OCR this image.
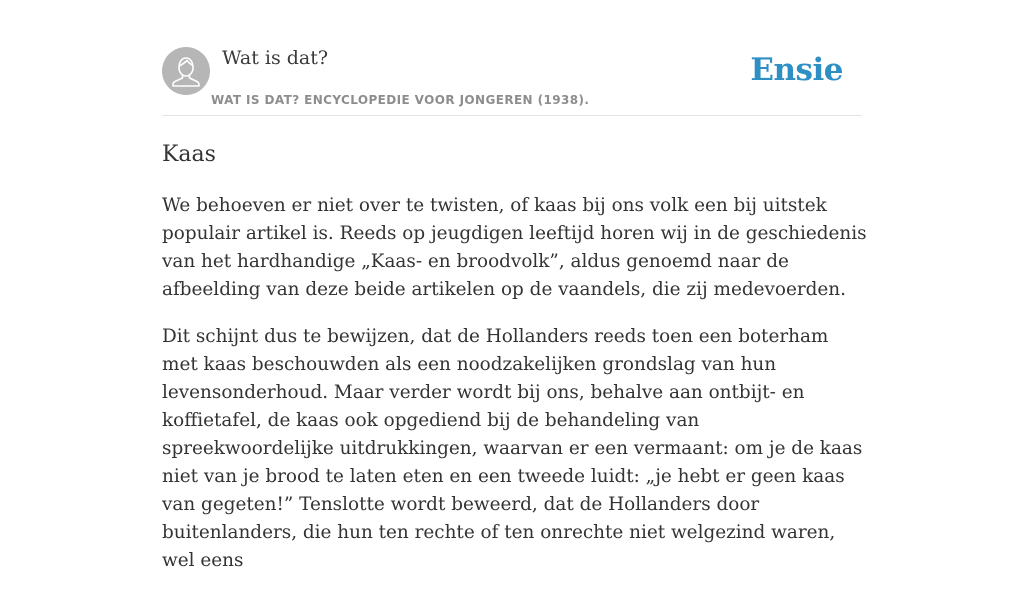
Wat is dat?
WAT IS DAT? ENCYCLOPEDIE VOOR JONGEREN (1938).
Ensie
Kaas

We behoeven er niet over te twisten, of kaas bij ons volk een bij uitstek populair artikel is. Reeds op jeugdigen leeftijd horen wij in de geschiedenis van het hardhandige „Kaas- en broodvolk”, aldus genoemd naar de afbeelding van deze beide artikelen op de vaandels, die zij medevoerden.

Dit schijnt dus te bewijzen, dat de Hollanders reeds toen een boterham met kaas beschouwden als een noodzakelijken grondslag van hun levensonderhoud. Maar verder wordt bij ons, behalve aan ontbijt- en koffietafel, de kaas ook opgediend bij de behandeling van spreekwoordelijke uitdrukkingen, waarvan er een vermaant: om je de kaas niet van je brood te laten eten en een tweede luidt: „je hebt er geen kaas van gegeten!” Tenslotte wordt beweerd, dat de Hollanders door buitenlanders, die hun ten rechte of ten onrechte niet welgezind waren, wel eens
